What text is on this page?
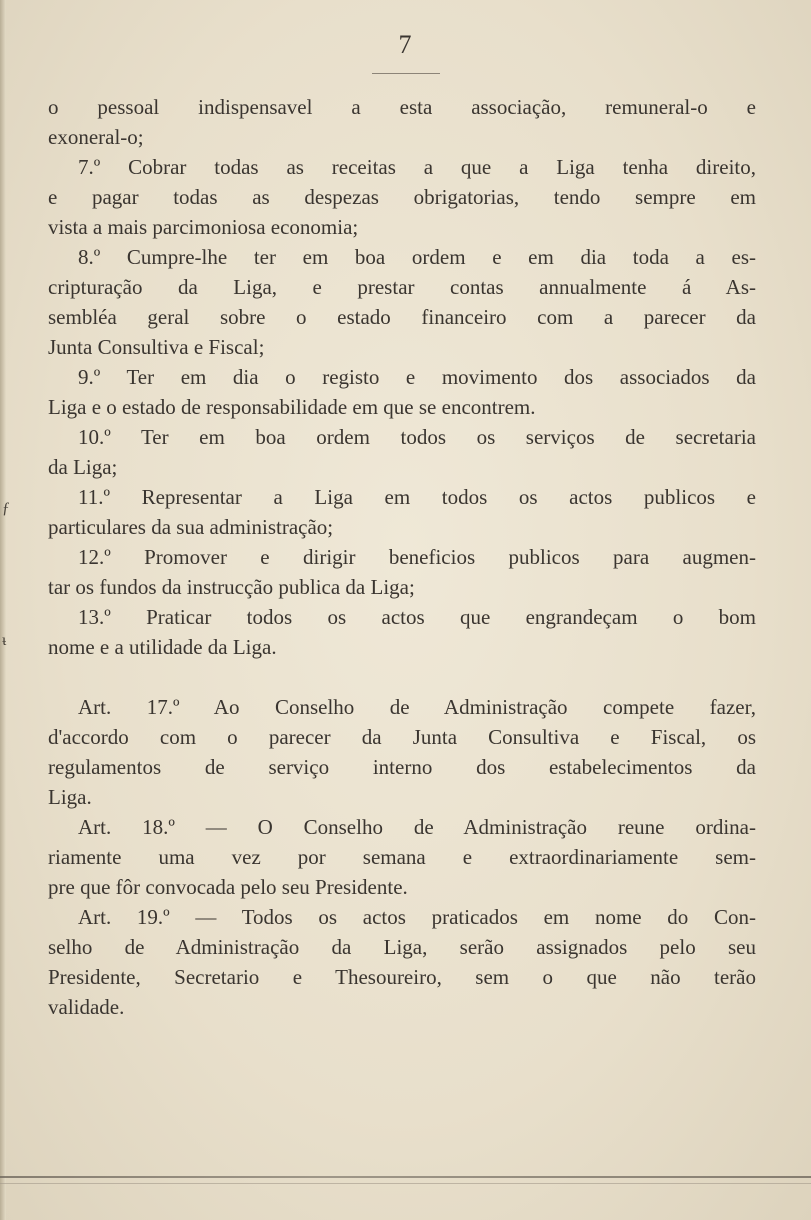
7
ƒ
ᵼ
o pessoal indispensavel a esta associação, remuneral-o e
exoneral-o;
7.º Cobrar todas as receitas a que a Liga tenha direito,
e pagar todas as despezas obrigatorias, tendo sempre em
vista a mais parcimoniosa economia;
8.º Cumpre-lhe ter em boa ordem e em dia toda a es-
cripturação da Liga, e prestar contas annualmente á As-
sembléa geral sobre o estado financeiro com a parecer da
Junta Consultiva e Fiscal;
9.º Ter em dia o registo e movimento dos associados da
Liga e o estado de responsabilidade em que se encontrem.
10.º Ter em boa ordem todos os serviços de secretaria
da Liga;
11.º Representar a Liga em todos os actos publicos e
particulares da sua administração;
12.º Promover e dirigir beneficios publicos para augmen-
tar os fundos da instrucção publica da Liga;
13.º Praticar todos os actos que engrandeçam o bom
nome e a utilidade da Liga.
Art. 17.º Ao Conselho de Administração compete fazer,
d'accordo com o parecer da Junta Consultiva e Fiscal, os
regulamentos de serviço interno dos estabelecimentos da
Liga.
Art. 18.º — O Conselho de Administração reune ordina-
riamente uma vez por semana e extraordinariamente sem-
pre que fôr convocada pelo seu Presidente.
Art. 19.º — Todos os actos praticados em nome do Con-
selho de Administração da Liga, serão assignados pelo seu
Presidente, Secretario e Thesoureiro, sem o que não terão
validade.
